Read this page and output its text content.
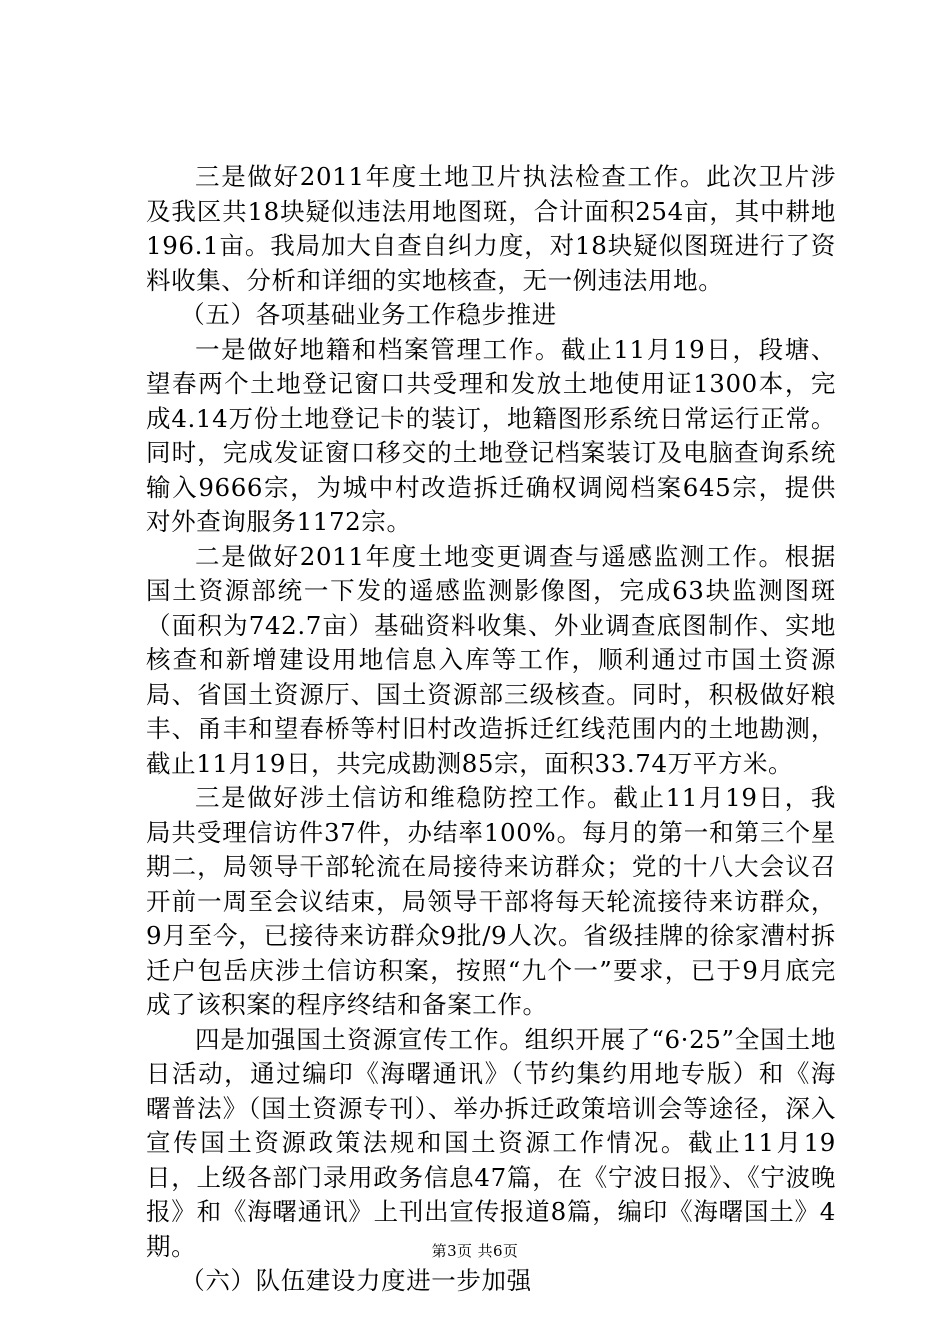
三是做好2011年度土地卫片执法检查工作。此次卫片涉及我区共18块疑似违法用地图斑，合计面积254亩，其中耕地196.1亩。我局加大自查自纠力度，对18块疑似图斑进行了资料收集、分析和详细的实地核查，无一例违法用地。

（五）各项基础业务工作稳步推进

一是做好地籍和档案管理工作。截止11月19日，段塘、望春两个土地登记窗口共受理和发放土地使用证1300本，完成4.14万份土地登记卡的装订，地籍图形系统日常运行正常。同时，完成发证窗口移交的土地登记档案装订及电脑查询系统输入9666宗，为城中村改造拆迁确权调阅档案645宗，提供对外查询服务1172宗。

二是做好2011年度土地变更调查与遥感监测工作。根据国土资源部统一下发的遥感监测影像图，完成63块监测图斑（面积为742.7亩）基础资料收集、外业调查底图制作、实地核查和新增建设用地信息入库等工作，顺利通过市国土资源局、省国土资源厅、国土资源部三级核查。同时，积极做好粮丰、甬丰和望春桥等村旧村改造拆迁红线范围内的土地勘测，截止11月19日，共完成勘测85宗，面积33.74万平方米。

三是做好涉土信访和维稳防控工作。截止11月19日，我局共受理信访件37件，办结率100%。每月的第一和第三个星期二，局领导干部轮流在局接待来访群众；党的十八大会议召开前一周至会议结束，局领导干部将每天轮流接待来访群众，9月至今，已接待来访群众9批/9人次。省级挂牌的徐家漕村拆迁户包岳庆涉土信访积案，按照“九个一”要求，已于9月底完成了该积案的程序终结和备案工作。

四是加强国土资源宣传工作。组织开展了“6·25”全国土地日活动，通过编印《海曙通讯》（节约集约用地专版）和《海曙普法》（国土资源专刊）、举办拆迁政策培训会等途径，深入宣传国土资源政策法规和国土资源工作情况。截止11月19日，上级各部门录用政务信息47篇，在《宁波日报》、《宁波晚报》和《海曙通讯》上刊出宣传报道8篇，编印《海曙国土》4期。

（六）队伍建设力度进一步加强

第3页 共6页
